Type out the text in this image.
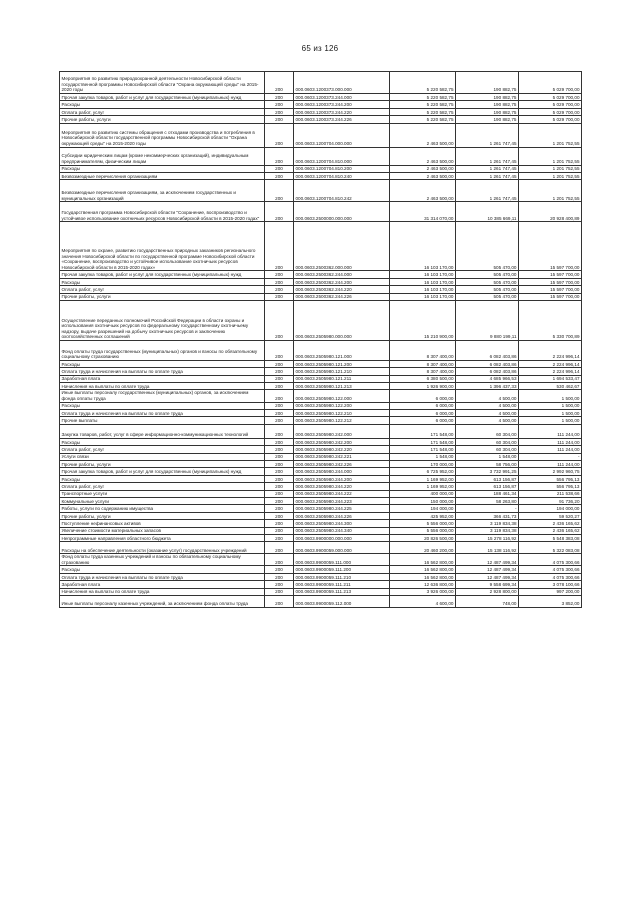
65 из 126
Мероприятия по развитию природоохранной деятельности Новосибирской области государственной программы Новосибирской области "Охрана окружающей среды" на 2015-2020 годы	200	000.0603.1200373.000.000	5 220 582,75	190 882,75	5 029 700,00
Прочая закупка товаров, работ и услуг для государственных (муниципальных) нужд	200	000.0603.1200373.244.000	5 220 582,75	190 882,75	5 029 700,00
Расходы	200	000.0603.1200373.244.200	5 220 582,75	190 882,75	5 029 700,00
Оплата работ, услуг	200	000.0603.1200373.244.220	5 220 582,75	190 882,75	5 029 700,00
Прочие работы, услуги	200	000.0603.1200373.244.226	5 220 582,75	190 882,75	5 029 700,00
Мероприятия по развитию системы обращения с отходами производства и потребления в Новосибирской области государственной программы Новосибирской области "Охрана окружающей среды" на 2015-2020 годы	200	000.0603.1200704.000.000	2 463 500,00	1 261 747,45	1 201 752,55
Субсидии юридическим лицам (кроме некоммерческих организаций), индивидуальным предпринимателям, физическим лицам	200	000.0603.1200704.810.000	2 463 500,00	1 261 747,45	1 201 752,55
Расходы	200	000.0603.1200704.810.200	2 463 500,00	1 261 747,45	1 201 752,55
Безвозмездные перечисления организациям	200	000.0603.1200704.810.240	2 463 500,00	1 261 747,45	1 201 752,55
Безвозмездные перечисления организациям, за исключением государственных и муниципальных организаций	200	000.0603.1200704.810.242	2 463 500,00	1 261 747,45	1 201 752,55
Государственная программа Новосибирской области "Сохранение, воспроизводство и устойчивое использование охотничьих ресурсов Новосибирской области в 2015-2020 годах"	200	000.0603.2500000.000.000	31 314 070,00	10 385 669,11	20 928 400,89
Мероприятия по охране, развитию государственных природных заказников регионального значения Новосибирской области по государственной программе Новосибирской области «Сохранение, воспроизводство и устойчивое использование охотничьих ресурсов Новосибирской области в 2015-2020 годах»	200	000.0603.2500362.000.000	16 103 170,00	505 470,00	15 597 700,00
Прочая закупка товаров, работ и услуг для государственных (муниципальных) нужд	200	000.0603.2500362.244.000	16 103 170,00	505 470,00	15 597 700,00
Расходы	200	000.0603.2500362.244.200	16 103 170,00	505 470,00	15 597 700,00
Оплата работ, услуг	200	000.0603.2500362.244.220	16 103 170,00	505 470,00	15 597 700,00
Прочие работы, услуги	200	000.0603.2500362.244.226	16 103 170,00	505 470,00	15 597 700,00
Осуществление переданных полномочий Российской Федерации в области охраны и использования охотничьих ресурсов по федеральному государственному охотничьему надзору, выдаче разрешений на добычу охотничьих ресурсов и заключению охотхозяйственных соглашений	200	000.0603.2505980.000.000	15 210 900,00	9 880 199,11	5 330 700,89
Фонд оплаты труда государственных (муниципальных) органов и взносы по обязательному социальному страхованию	200	000.0603.2505980.121.000	8 307 400,00	6 082 403,86	2 224 996,14
Расходы	200	000.0603.2505980.121.200	8 307 400,00	6 082 403,86	2 224 996,14
Оплата труда и начисления на выплаты по оплате труда	200	000.0603.2505980.121.210	8 307 400,00	6 082 403,86	2 224 996,14
Заработная плата	200	000.0603.2505980.121.211	6 380 500,00	4 685 966,53	1 694 533,47
Начисления на выплаты по оплате труда	200	000.0603.2505980.121.213	1 926 900,00	1 396 437,33	530 462,67
Иные выплаты персоналу государственных (муниципальных) органов, за исключением фонда оплаты труда	200	000.0603.2505980.122.000	6 000,00	4 500,00	1 500,00
Расходы	200	000.0603.2505980.122.200	6 000,00	4 500,00	1 500,00
Оплата труда и начисления на выплаты по оплате труда	200	000.0603.2505980.122.210	6 000,00	4 500,00	1 500,00
Прочие выплаты	200	000.0603.2505980.122.212	6 000,00	4 500,00	1 500,00
Закупка товаров, работ, услуг в сфере информационно-коммуникационных технологий	200	000.0603.2505980.242.000	171 548,00	60 304,00	111 244,00
Расходы	200	000.0603.2505980.242.200	171 548,00	60 304,00	111 244,00
Оплата работ, услуг	200	000.0603.2505980.242.220	171 548,00	60 304,00	111 244,00
Услуги связи	200	000.0603.2505980.242.221	1 548,00	1 548,00	-
Прочие работы, услуги	200	000.0603.2505980.242.226	170 000,00	58 756,00	111 244,00
Прочая закупка товаров, работ и услуг для государственных (муниципальных) нужд	200	000.0603.2505980.244.000	6 725 952,00	3 732 991,25	2 992 960,75
Расходы	200	000.0603.2505980.244.200	1 169 952,00	613 156,87	556 795,13
Оплата работ, услуг	200	000.0603.2505980.244.220	1 169 952,00	613 156,87	556 795,13
Транспортные услуги	200	000.0603.2505980.244.222	400 000,00	188 461,34	211 538,66
Коммунальные услуги	200	000.0603.2505980.244.223	150 000,00	58 263,80	91 736,20
Работы, услуги по содержанию имущества	200	000.0603.2505980.244.225	194 000,00	-	194 000,00
Прочие работы, услуги	200	000.0603.2505980.244.226	425 952,00	366 431,73	59 520,27
Поступление нефинансовых активов	200	000.0603.2505980.244.300	5 556 000,00	3 119 834,38	2 436 165,62
Увеличение стоимости материальных запасов	200	000.0603.2505980.244.340	5 556 000,00	3 119 834,38	2 436 165,62
Непрограммные направления областного бюджета	200	000.0603.9900000.000.000	20 826 500,00	15 278 116,92	5 548 383,08
Расходы на обеспечение деятельности (оказание услуг) государственных учреждений	200	000.0603.9900059.000.000	20 460 200,00	15 138 116,92	5 322 083,08
Фонд оплаты труда казенных учреждений и взносы по обязательному социальному страхованию	200	000.0603.9900059.111.000	16 562 800,00	12 487 499,34	4 075 300,66
Расходы	200	000.0603.9900059.111.200	16 562 800,00	12 487 499,34	4 075 300,66
Оплата труда и начисления на выплаты по оплате труда	200	000.0603.9900059.111.210	16 562 800,00	12 487 499,34	4 075 300,66
Заработная плата	200	000.0603.9900059.111.211	12 636 800,00	9 558 699,34	3 078 100,66
Начисления на выплаты по оплате труда	200	000.0603.9900059.111.213	3 926 000,00	2 928 800,00	997 200,00
Иные выплаты персоналу казенных учреждений, за исключением фонда оплаты труда	200	000.0603.9900059.112.000	4 600,00	748,00	3 852,00
